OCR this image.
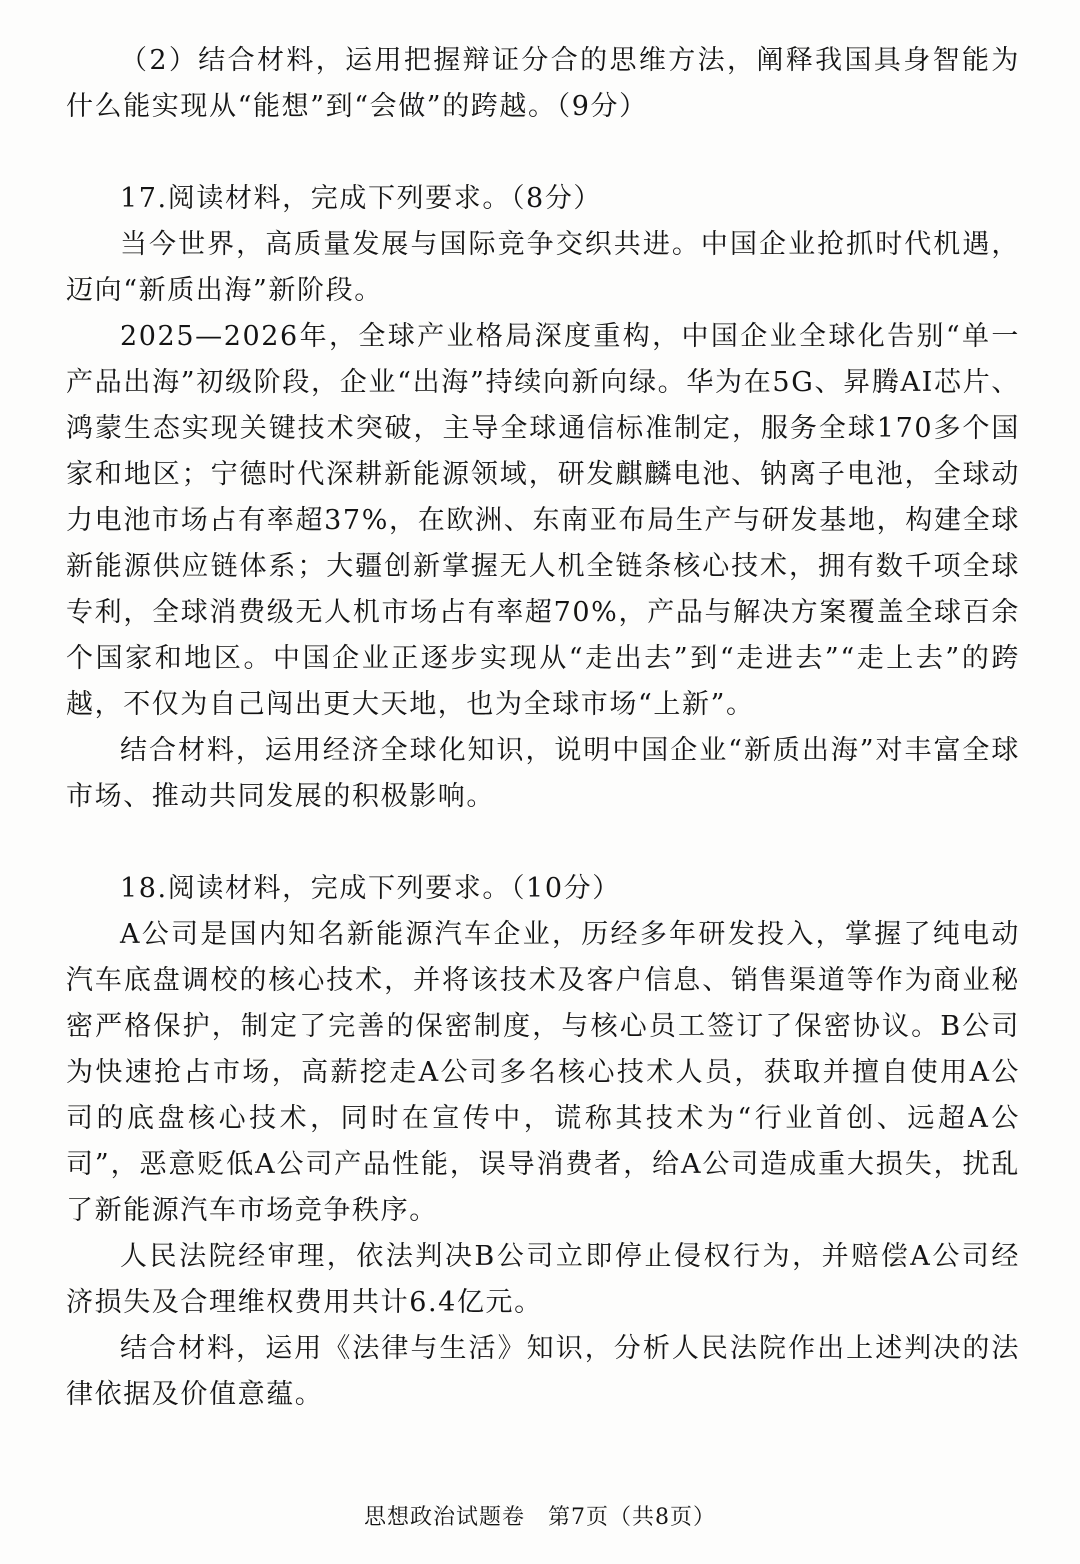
（2）结合材料，运用把握辩证分合的思维方法，阐释我国具身智能为什么能实现从“能想”到“会做”的跨越。（9分）

17.阅读材料，完成下列要求。（8分）

当今世界，高质量发展与国际竞争交织共进。中国企业抢抓时代机遇，迈向“新质出海”新阶段。

2025—2026年，全球产业格局深度重构，中国企业全球化告别“单一产品出海”初级阶段，企业“出海”持续向新向绿。华为在5G、昇腾AI芯片、鸿蒙生态实现关键技术突破，主导全球通信标准制定，服务全球170多个国家和地区；宁德时代深耕新能源领域，研发麒麟电池、钠离子电池，全球动力电池市场占有率超37%，在欧洲、东南亚布局生产与研发基地，构建全球新能源供应链体系；大疆创新掌握无人机全链条核心技术，拥有数千项全球专利，全球消费级无人机市场占有率超70%，产品与解决方案覆盖全球百余个国家和地区。中国企业正逐步实现从“走出去”到“走进去”“走上去”的跨越，不仅为自己闯出更大天地，也为全球市场“上新”。

结合材料，运用经济全球化知识，说明中国企业“新质出海”对丰富全球市场、推动共同发展的积极影响。

18.阅读材料，完成下列要求。（10分）

A公司是国内知名新能源汽车企业，历经多年研发投入，掌握了纯电动汽车底盘调校的核心技术，并将该技术及客户信息、销售渠道等作为商业秘密严格保护，制定了完善的保密制度，与核心员工签订了保密协议。B公司为快速抢占市场，高薪挖走A公司多名核心技术人员，获取并擅自使用A公司的底盘核心技术，同时在宣传中，谎称其技术为“行业首创、远超A公司”，恶意贬低A公司产品性能，误导消费者，给A公司造成重大损失，扰乱了新能源汽车市场竞争秩序。

人民法院经审理，依法判决B公司立即停止侵权行为，并赔偿A公司经济损失及合理维权费用共计6.4亿元。

结合材料，运用《法律与生活》知识，分析人民法院作出上述判决的法律依据及价值意蕴。

思想政治试题卷　第7页（共8页）
